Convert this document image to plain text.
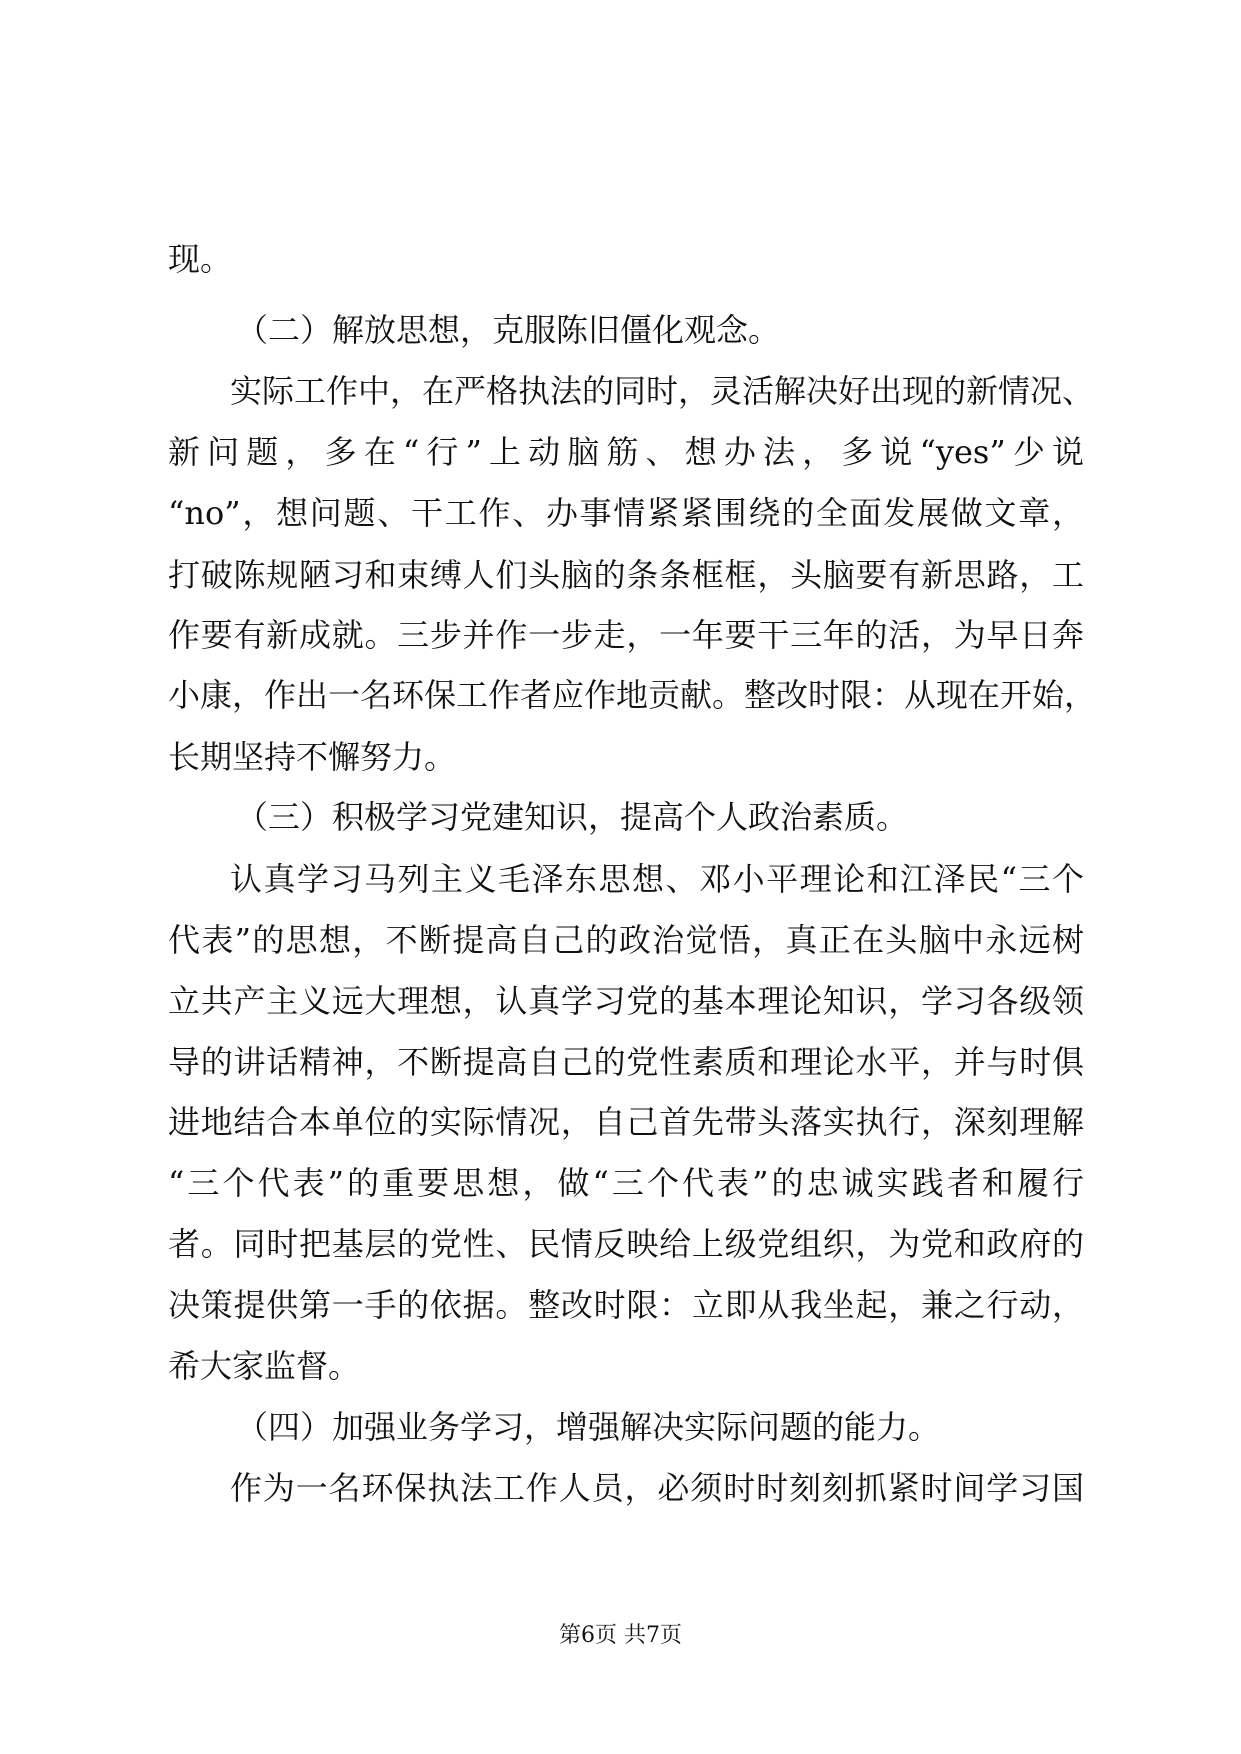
现。
（二）解放思想，克服陈旧僵化观念。
实际工作中，在严格执法的同时，灵活解决好出现的新情况、
新问题，多在“行”上动脑筋、想办法，多说“yes”少说
“no”，想问题、干工作、办事情紧紧围绕的全面发展做文章，
打破陈规陋习和束缚人们头脑的条条框框，头脑要有新思路，工
作要有新成就。三步并作一步走，一年要干三年的活，为早日奔
小康，作出一名环保工作者应作地贡献。整改时限：从现在开始，
长期坚持不懈努力。
（三）积极学习党建知识，提高个人政治素质。
认真学习马列主义毛泽东思想、邓小平理论和江泽民“三个
代表”的思想，不断提高自己的政治觉悟，真正在头脑中永远树
立共产主义远大理想，认真学习党的基本理论知识，学习各级领
导的讲话精神，不断提高自己的党性素质和理论水平，并与时俱
进地结合本单位的实际情况，自己首先带头落实执行，深刻理解
“三个代表”的重要思想，做“三个代表”的忠诚实践者和履行
者。同时把基层的党性、民情反映给上级党组织，为党和政府的
决策提供第一手的依据。整改时限：立即从我坐起，兼之行动，
希大家监督。
（四）加强业务学习，增强解决实际问题的能力。
作为一名环保执法工作人员，必须时时刻刻抓紧时间学习国
第6页 共7页
